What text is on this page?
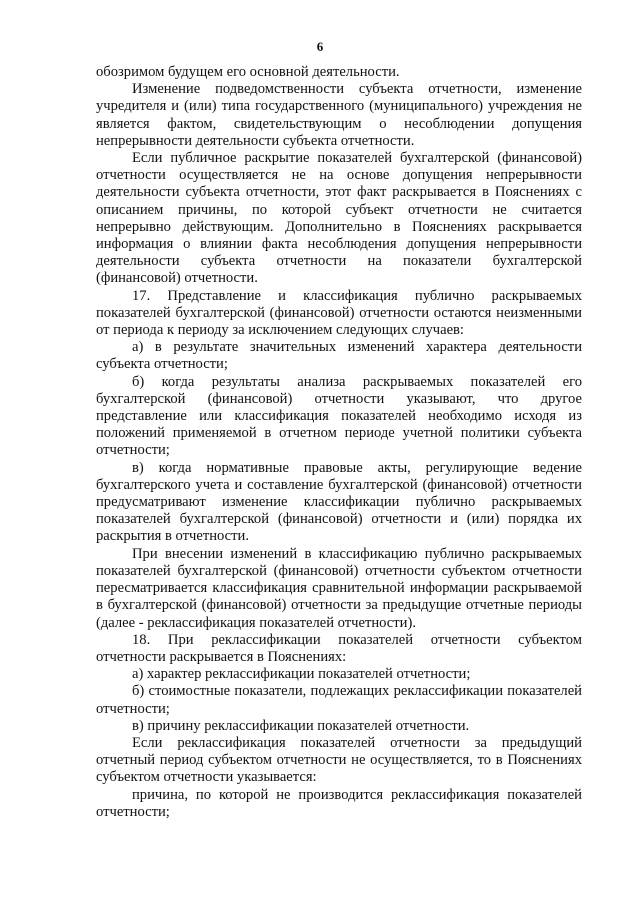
6

обозримом будущем его основной деятельности.

Изменение подведомственности субъекта отчетности, изменение учредителя и (или) типа государственного (муниципального) учреждения не является фактом, свидетельствующим о несоблюдении допущения непрерывности деятельности субъекта отчетности.

Если публичное раскрытие показателей бухгалтерской (финансовой) отчетности осуществляется не на основе допущения непрерывности деятельности субъекта отчетности, этот факт раскрывается в Пояснениях с описанием причины, по которой субъект отчетности не считается непрерывно действующим. Дополнительно в Пояснениях раскрывается информация о влиянии факта несоблюдения допущения непрерывности деятельности субъекта отчетности на показатели бухгалтерской (финансовой) отчетности.

17. Представление и классификация публично раскрываемых показателей бухгалтерской (финансовой) отчетности остаются неизменными от периода к периоду за исключением следующих случаев:

а) в результате значительных изменений характера деятельности субъекта отчетности;

б) когда результаты анализа раскрываемых показателей его бухгалтерской (финансовой) отчетности указывают, что другое представление или классификация показателей необходимо исходя из положений применяемой в отчетном периоде учетной политики субъекта отчетности;

в) когда нормативные правовые акты, регулирующие ведение бухгалтерского учета и составление бухгалтерской (финансовой) отчетности предусматривают изменение классификации публично раскрываемых показателей бухгалтерской (финансовой) отчетности и (или) порядка их раскрытия в отчетности.

При внесении изменений в классификацию публично раскрываемых показателей бухгалтерской (финансовой) отчетности субъектом отчетности пересматривается классификация сравнительной информации раскрываемой в бухгалтерской (финансовой) отчетности за предыдущие отчетные периоды (далее - реклассификация показателей отчетности).

18. При реклассификации показателей отчетности субъектом отчетности раскрывается в Пояснениях:

а) характер реклассификации показателей отчетности;

б) стоимостные показатели, подлежащих реклассификации показателей отчетности;

в) причину реклассификации показателей отчетности.

Если реклассификация показателей отчетности за предыдущий отчетный период субъектом отчетности не осуществляется, то в Пояснениях субъектом отчетности указывается:

причина, по которой не производится реклассификация показателей отчетности;
